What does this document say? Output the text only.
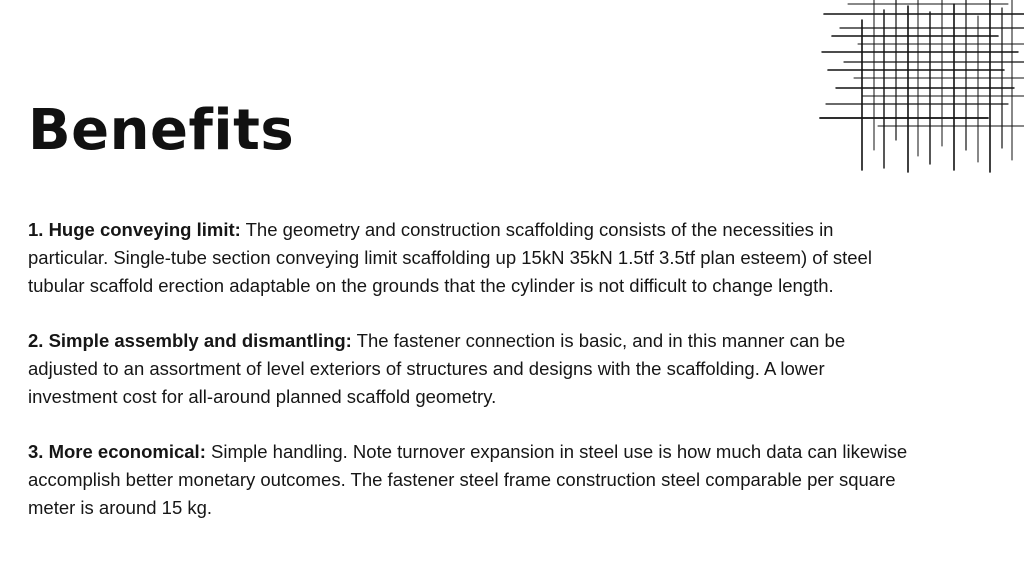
Benefits

1. Huge conveying limit: The geometry and construction scaffolding consists of the necessities in particular. Single-tube section conveying limit scaffolding up 15kN 35kN 1.5tf 3.5tf plan esteem) of steel tubular scaffold erection adaptable on the grounds that the cylinder is not difficult to change length.

2. Simple assembly and dismantling: The fastener connection is basic, and in this manner can be adjusted to an assortment of level exteriors of structures and designs with the scaffolding. A lower investment cost for all-around planned scaffold geometry.

3. More economical: Simple handling. Note turnover expansion in steel use is how much data can likewise accomplish better monetary outcomes. The fastener steel frame construction steel comparable per square meter is around 15 kg.
